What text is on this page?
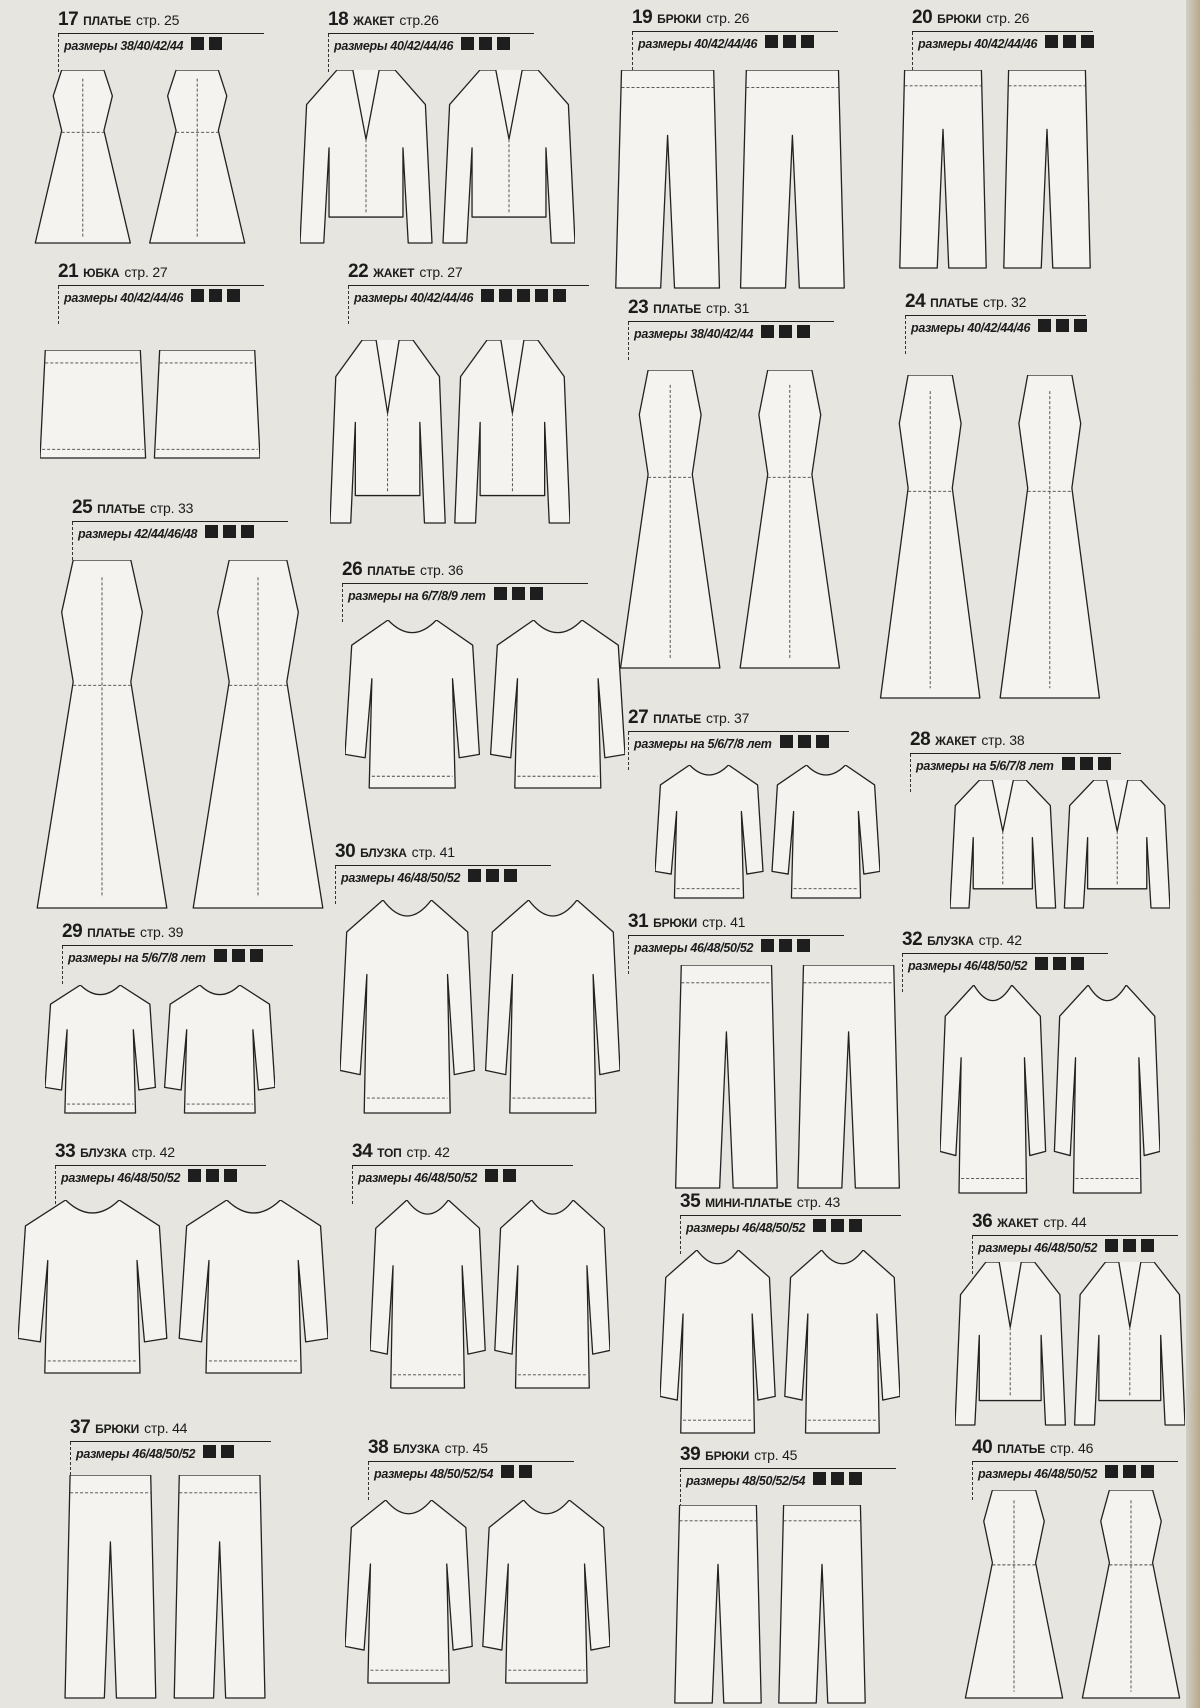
17 ПЛАТЬЕ стр. 25
размеры 38/40/42/44
18 ЖАКЕТ стр.26
размеры 40/42/44/46
19 БРЮКИ стр. 26
размеры 40/42/44/46
20 БРЮКИ стр. 26
размеры 40/42/44/46
21 ЮБКА стр. 27
размеры 40/42/44/46
22 ЖАКЕТ стр. 27
размеры 40/42/44/46	23 ПЛАТЬЕ стр. 31
размеры 38/40/42/44
24 ПЛАТЬЕ стр. 32
размеры 40/42/44/46
25 ПЛАТЬЕ стр. 33
размеры 42/44/46/48
26 ПЛАТЬЕ стр. 36
размеры на 6/7/8/9 лет
27 ПЛАТЬЕ стр. 37
размеры на 5/6/7/8 лет	28 ЖАКЕТ стр. 38
размеры на 5/6/7/8 лет
30 БЛУЗКА стр. 41
размеры 46/48/50/52
31 БРЮКИ стр. 41
размеры 46/48/50/52
29 ПЛАТЬЕ стр. 39
размеры на 5/6/7/8 лет
32 БЛУЗКА стр. 42
размеры 46/48/50/52
33 БЛУЗКА стр. 42
размеры 46/48/50/52
34 ТОП стр. 42
размеры 46/48/50/52
35 МИНИ-ПЛАТЬЕ стр. 43
размеры 46/48/50/52	36 ЖАКЕТ стр. 44
размеры 46/48/50/52
37 БРЮКИ стр. 44
размеры 46/48/50/52	38 БЛУЗКА стр. 45
размеры 48/50/52/54
39 БРЮКИ стр. 45
размеры 48/50/52/54
40 ПЛАТЬЕ стр. 46
размеры 46/48/50/52
